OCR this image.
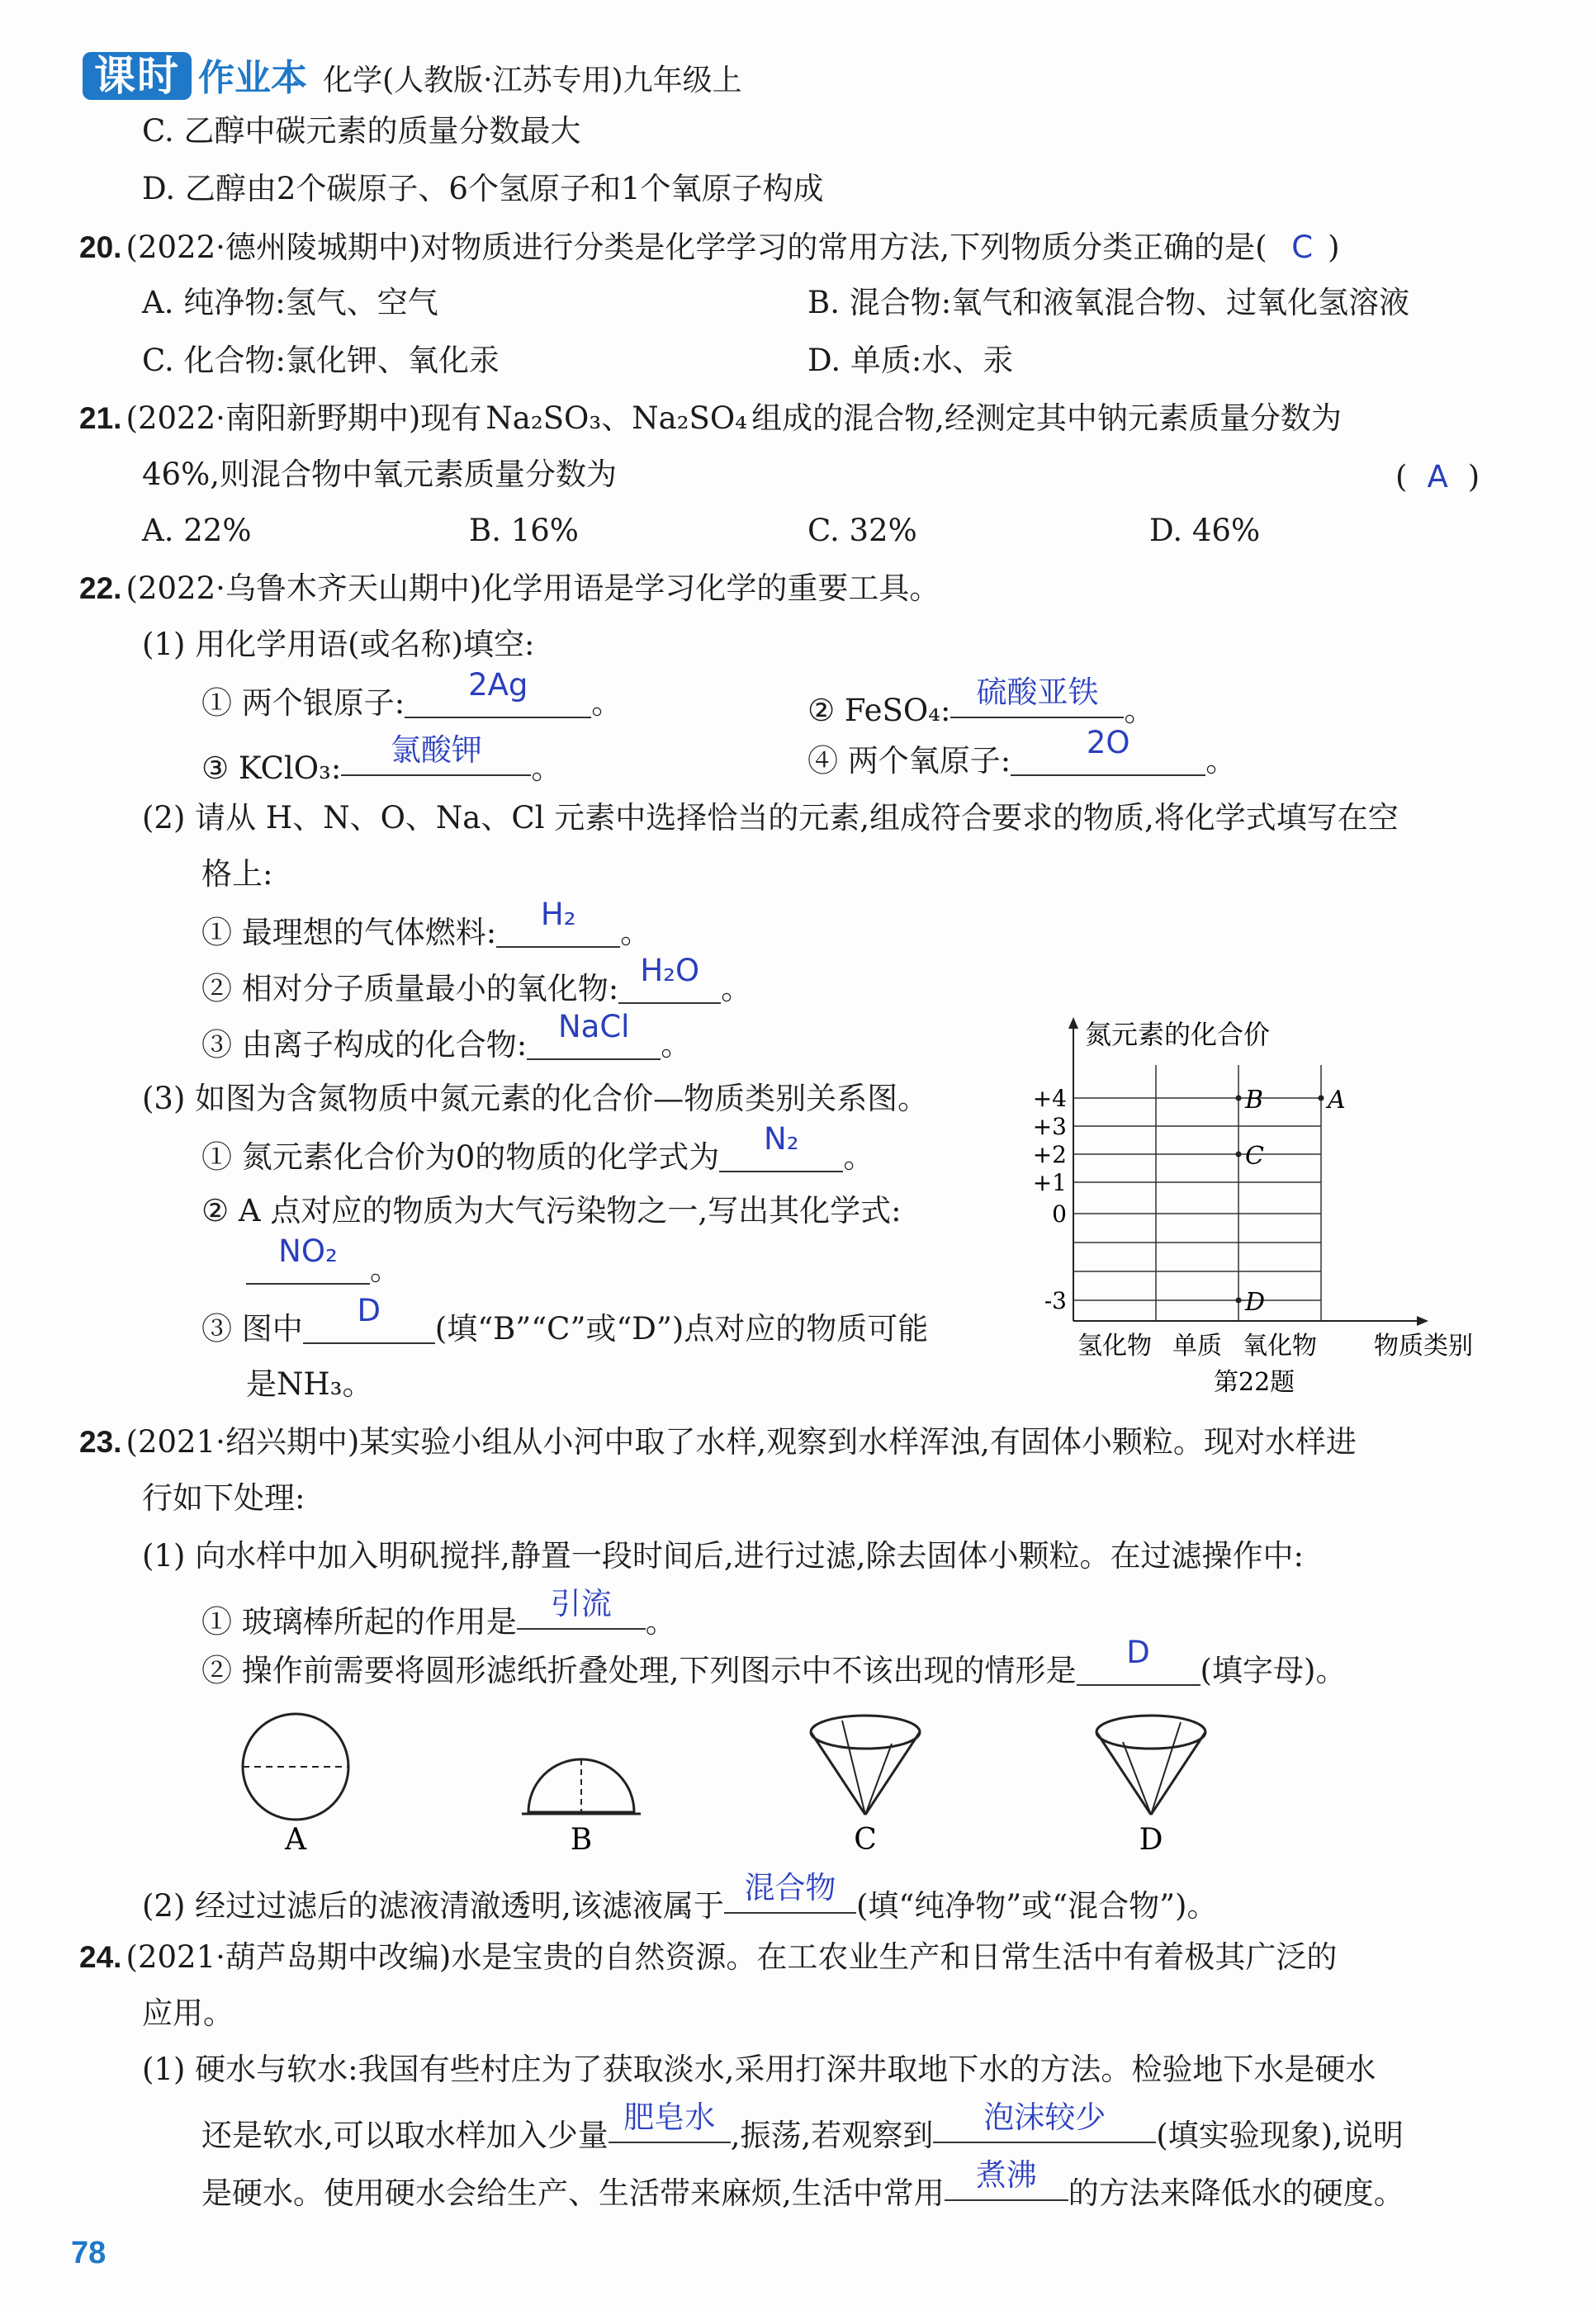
课时 作业本 化学(人教版·江苏专用)九年级上
C. 乙醇中碳元素的质量分数最大
D. 乙醇由2个碳原子、6个氢原子和1个氧原子构成
20. (2022·德州陵城期中)对物质进行分类是化学学习的常用方法,下列物质分类正确的是( C )
A. 纯净物:氢气、空气	B. 混合物:氧气和液氧混合物、过氧化氢溶液
C. 化合物:氯化钾、氧化汞	D. 单质:水、汞
21. (2022·南阳新野期中)现有 Na₂SO₃、Na₂SO₄ 组成的混合物,经测定其中钠元素质量分数为
46%,则混合物中氧元素质量分数为	( A )
A. 22%	B. 16%	C. 32%	D. 46%
22. (2022·乌鲁木齐天山期中)化学用语是学习化学的重要工具。
(1) 用化学用语(或名称)填空:
① 两个银原子:2Ag。	② FeSO₄:硫酸亚铁。
③ KClO₃:氯酸钾。	④ 两个氧原子:2O。
(2) 请从 H、N、O、Na、Cl 元素中选择恰当的元素,组成符合要求的物质,将化学式填写在空
格上:
① 最理想的气体燃料:H₂。
② 相对分子质量最小的氧化物:H₂O。
③ 由离子构成的化合物:NaCl。
(3) 如图为含氮物质中氮元素的化合价—物质类别关系图。
① 氮元素化合价为0的物质的化学式为N₂。
② A 点对应的物质为大气污染物之一,写出其化学式:
NO₂。
③ 图中D(填“B”“C”或“D”)点对应的物质可能
是NH₃。
氮元素的化合价
+4
+3
+2
+1
0
-3
A
B
C
D
氢化物 单质 氧化物 物质类别
第22题
23. (2021·绍兴期中)某实验小组从小河中取了水样,观察到水样浑浊,有固体小颗粒。现对水样进
行如下处理:
(1) 向水样中加入明矾搅拌,静置一段时间后,进行过滤,除去固体小颗粒。在过滤操作中:
① 玻璃棒所起的作用是引流。
② 操作前需要将圆形滤纸折叠处理,下列图示中不该出现的情形是D(填字母)。
A	B	C	D
(2) 经过过滤后的滤液清澈透明,该滤液属于混合物(填“纯净物”或“混合物”)。
24. (2021·葫芦岛期中改编)水是宝贵的自然资源。在工农业生产和日常生活中有着极其广泛的
应用。
(1) 硬水与软水:我国有些村庄为了获取淡水,采用打深井取地下水的方法。检验地下水是硬水
还是软水,可以取水样加入少量肥皂水,振荡,若观察到泡沫较少(填实验现象),说明
是硬水。使用硬水会给生产、生活带来麻烦,生活中常用煮沸的方法来降低水的硬度。
78
